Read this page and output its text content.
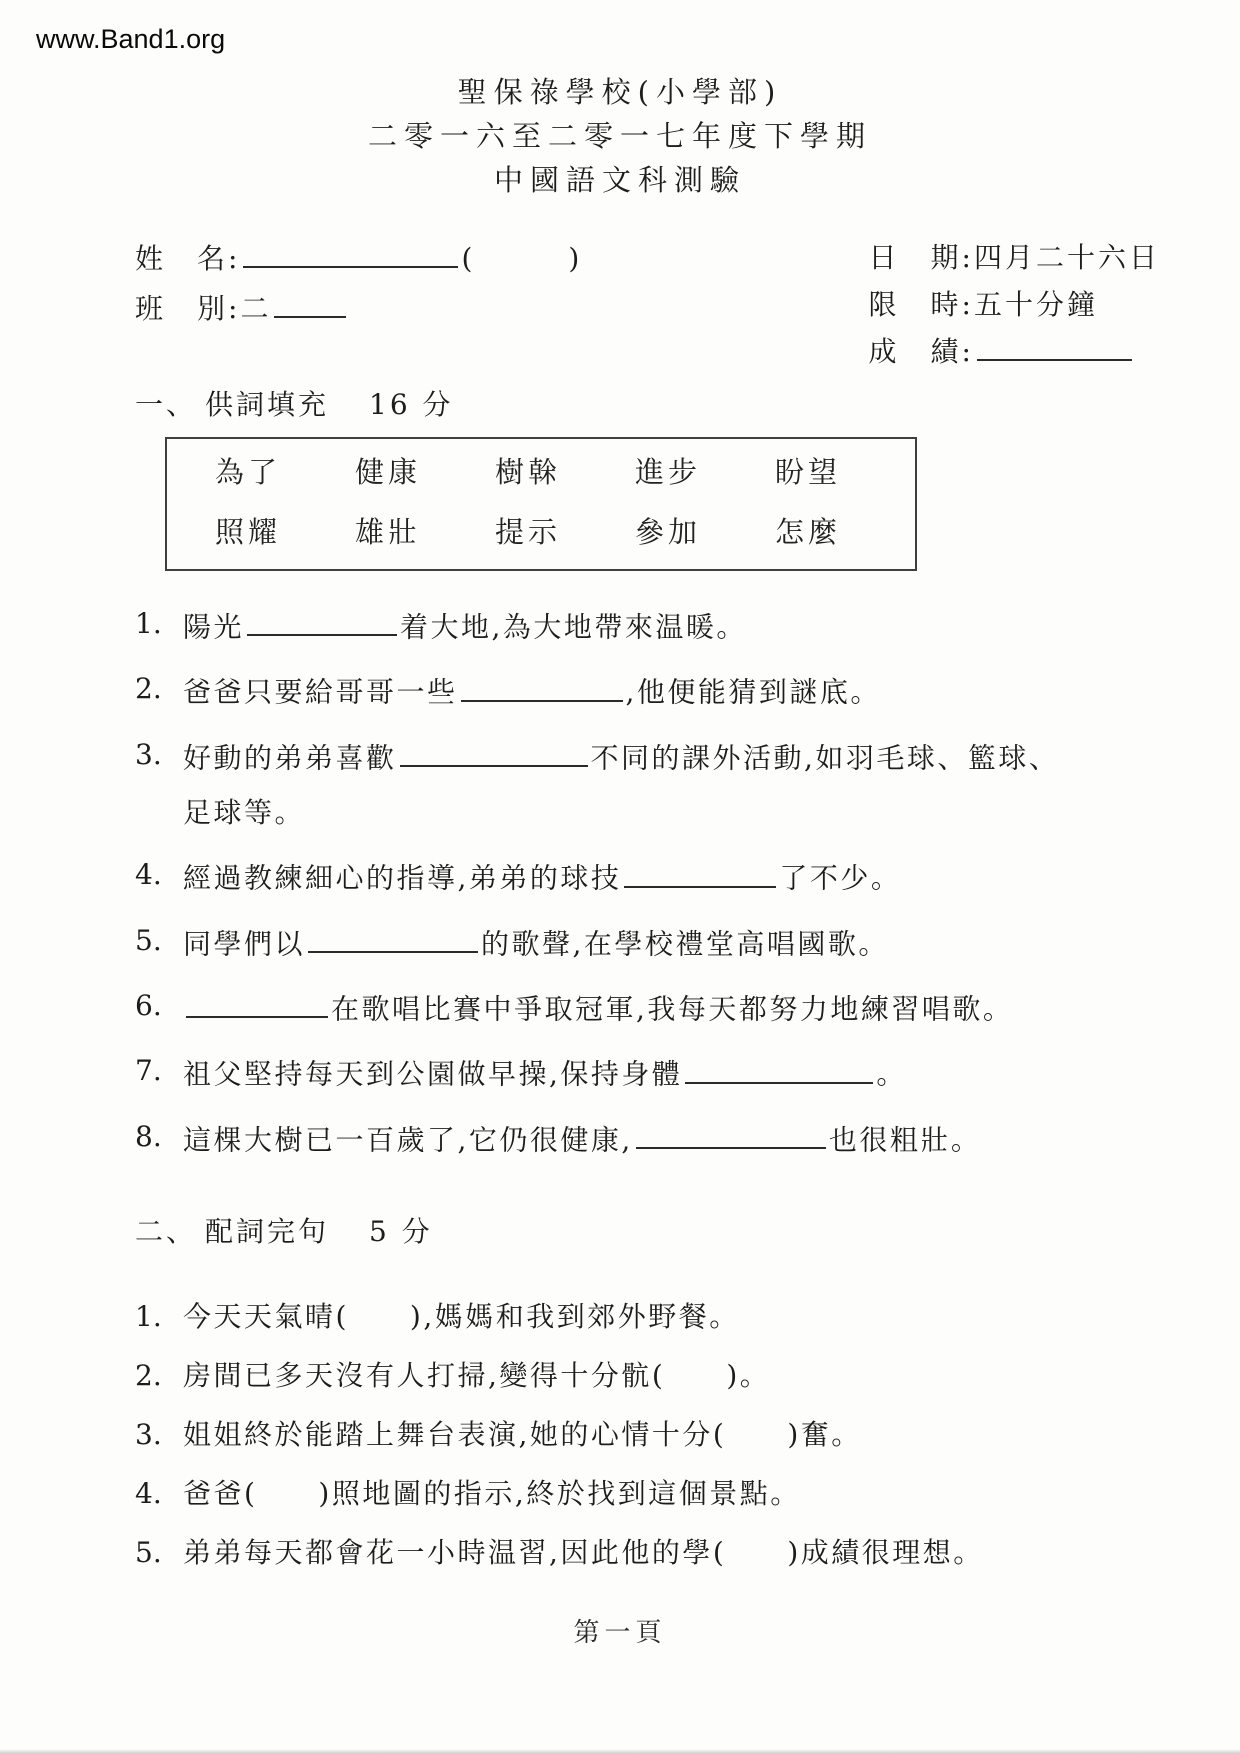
www.Band1.org
聖保祿學校(小學部)
二零一六至二零一七年度下學期
中國語文科測驗
姓　名:	(　　　)
班　別:二
日　期:四月二十六日
限　時:五十分鐘
成　績:
一、 供詞填充 16 分
為了	健康	樹榦	進步	盼望
照耀	雄壯	提示	參加	怎麼
1. 陽光	着大地,為大地帶來温暖。
2. 爸爸只要給哥哥一些	,他便能猜到謎底。
3. 好動的弟弟喜歡	不同的課外活動,如羽毛球、籃球、
足球等。
4. 經過教練細心的指導,弟弟的球技	了不少。
5. 同學們以	的歌聲,在學校禮堂高唱國歌。
6.	在歌唱比賽中爭取冠軍,我每天都努力地練習唱歌。
7. 祖父堅持每天到公園做早操,保持身體	。
8. 這棵大樹已一百歲了,它仍很健康,	也很粗壯。
二、 配詞完句 5 分
1. 今天天氣晴(　　),媽媽和我到郊外野餐。
2. 房間已多天沒有人打掃,變得十分骯(　　)。
3. 姐姐終於能踏上舞台表演,她的心情十分(　　)奮。
4. 爸爸(　　)照地圖的指示,終於找到這個景點。
5. 弟弟每天都會花一小時温習,因此他的學(　　)成績很理想。
第一頁
